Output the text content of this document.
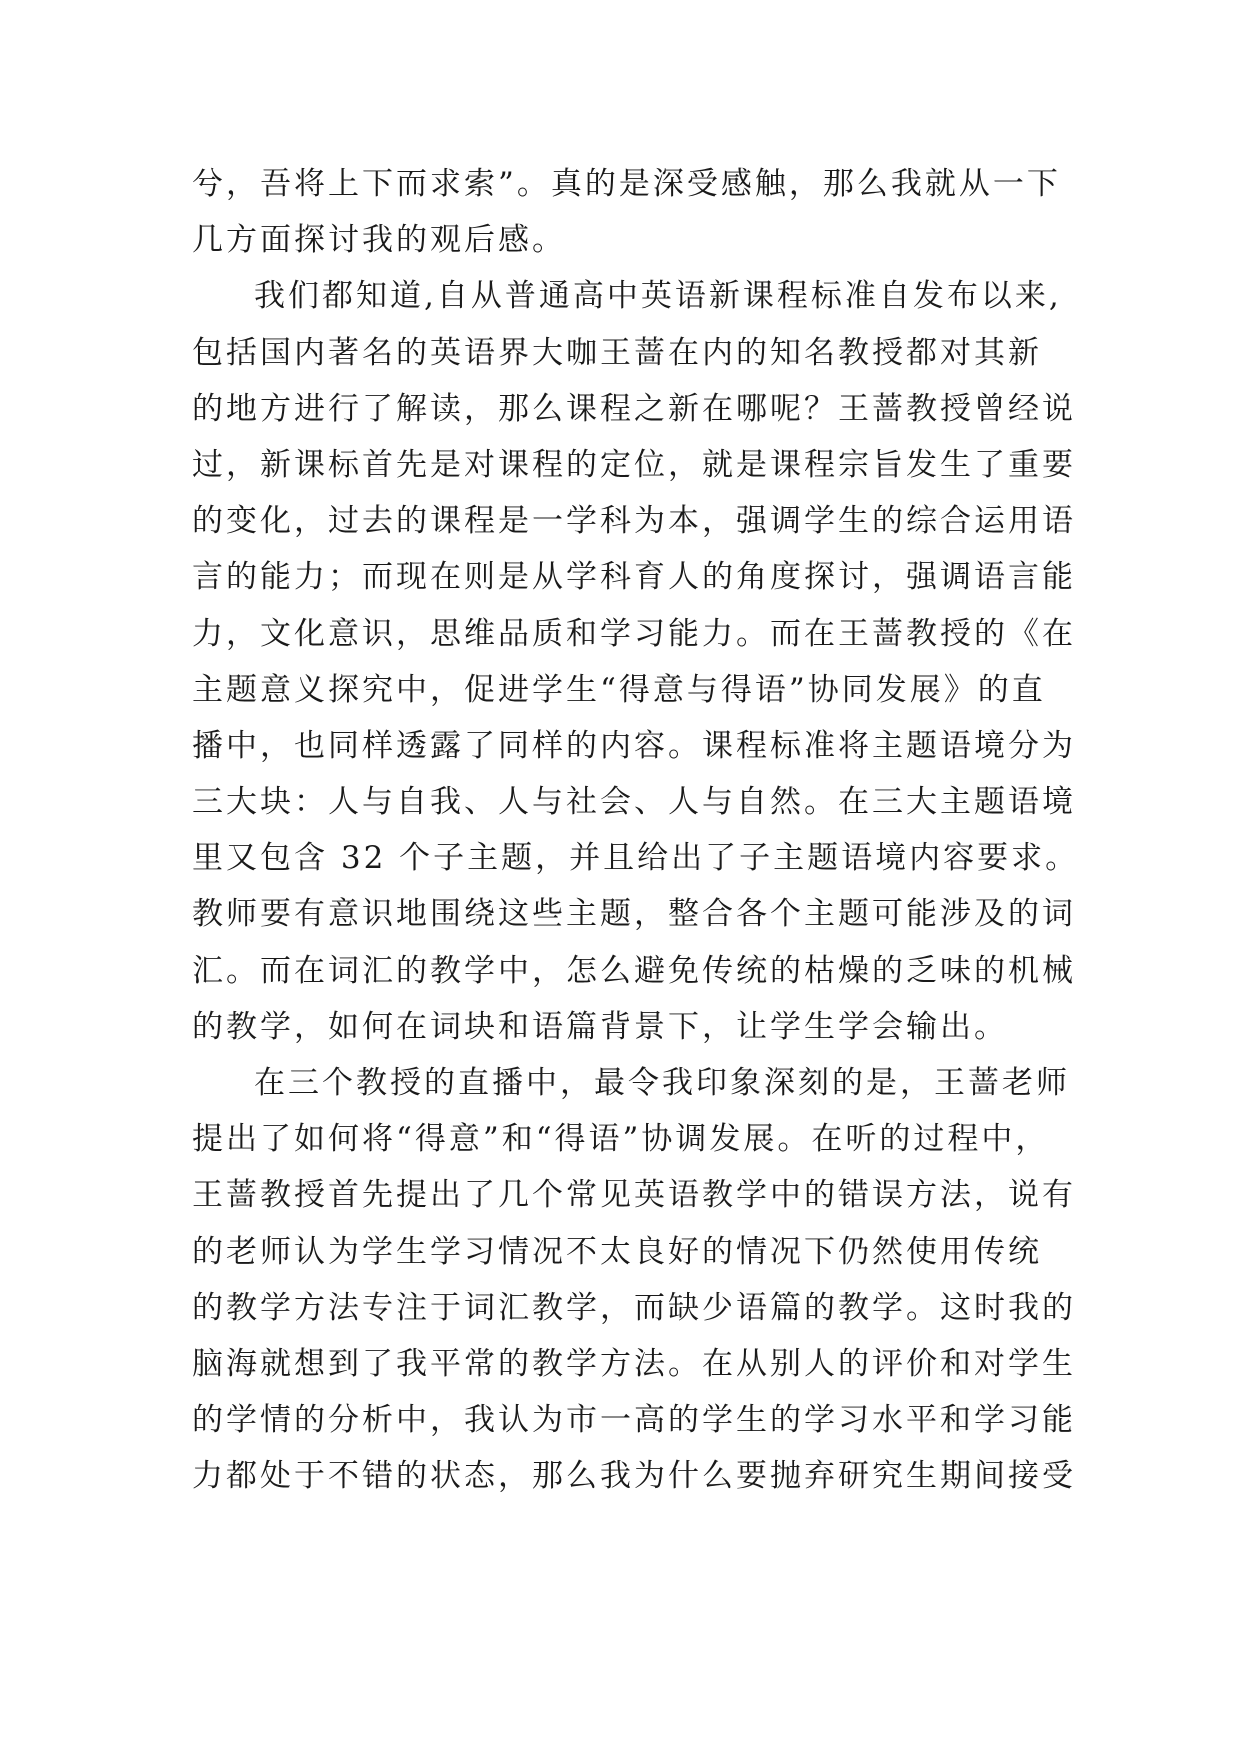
兮，吾将上下而求索”。真的是深受感触，那么我就从一下
几方面探讨我的观后感。
我们都知道,自从普通高中英语新课程标准自发布以来,
包括国内著名的英语界大咖王蔷在内的知名教授都对其新
的地方进行了解读，那么课程之新在哪呢？王蔷教授曾经说
过，新课标首先是对课程的定位，就是课程宗旨发生了重要
的变化，过去的课程是一学科为本，强调学生的综合运用语
言的能力；而现在则是从学科育人的角度探讨，强调语言能
力，文化意识，思维品质和学习能力。而在王蔷教授的《在
主题意义探究中，促进学生“得意与得语”协同发展》的直
播中，也同样透露了同样的内容。课程标准将主题语境分为
三大块：人与自我、人与社会、人与自然。在三大主题语境
里又包含 32 个子主题，并且给出了子主题语境内容要求。
教师要有意识地围绕这些主题，整合各个主题可能涉及的词
汇。而在词汇的教学中，怎么避免传统的枯燥的乏味的机械
的教学，如何在词块和语篇背景下，让学生学会输出。
在三个教授的直播中，最令我印象深刻的是，王蔷老师
提出了如何将“得意”和“得语”协调发展。在听的过程中，
王蔷教授首先提出了几个常见英语教学中的错误方法，说有
的老师认为学生学习情况不太良好的情况下仍然使用传统
的教学方法专注于词汇教学，而缺少语篇的教学。这时我的
脑海就想到了我平常的教学方法。在从别人的评价和对学生
的学情的分析中，我认为市一高的学生的学习水平和学习能
力都处于不错的状态，那么我为什么要抛弃研究生期间接受
